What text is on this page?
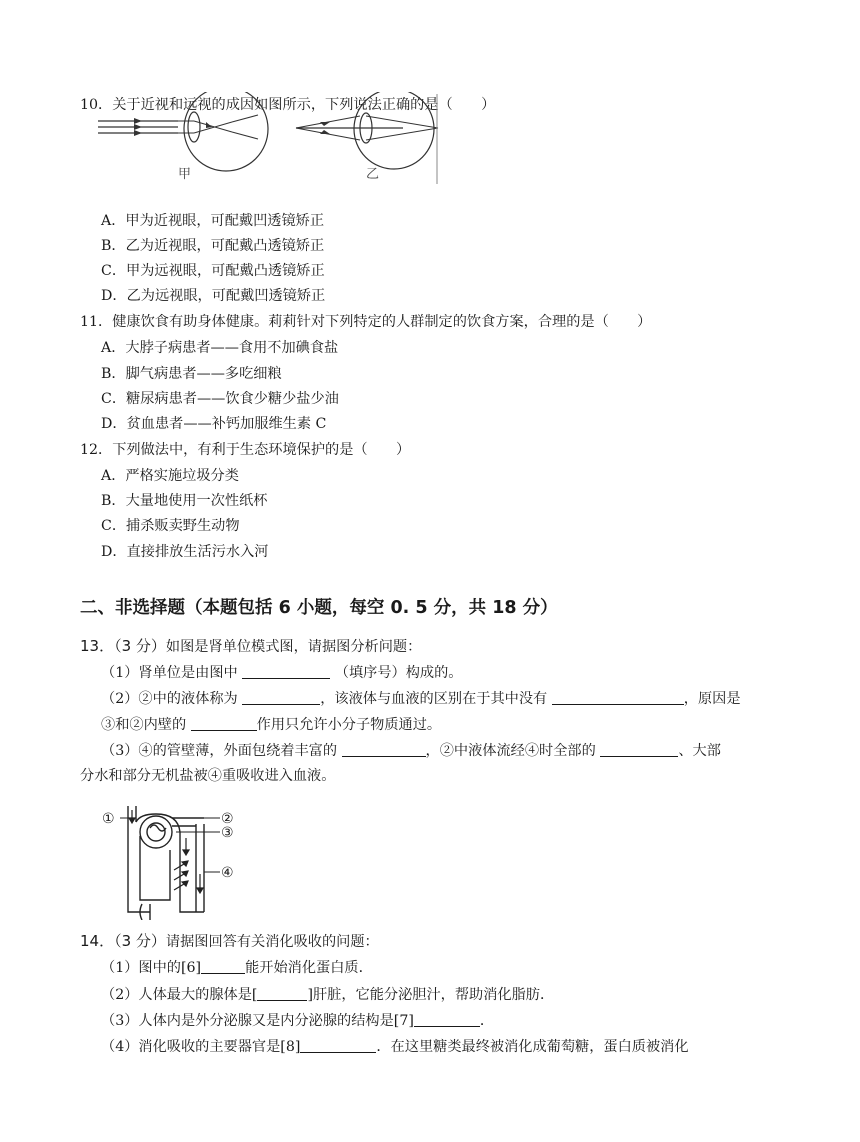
10．关于近视和远视的成因如图所示，下列说法正确的是（　　）
甲	乙
A．甲为近视眼，可配戴凹透镜矫正
B．乙为近视眼，可配戴凸透镜矫正
C．甲为远视眼，可配戴凸透镜矫正
D．乙为远视眼，可配戴凹透镜矫正
11．健康饮食有助身体健康。莉莉针对下列特定的人群制定的饮食方案，合理的是（　　）
A．大脖子病患者——食用不加碘食盐
B．脚气病患者——多吃细粮
C．糖尿病患者——饮食少糖少盐少油
D．贫血患者——补钙加服维生素 C
12．下列做法中，有利于生态环境保护的是（　　）
A．严格实施垃圾分类
B．大量地使用一次性纸杯
C．捕杀贩卖野生动物
D．直接排放生活污水入河
二、非选择题（本题包括 6 小题，每空 0. 5 分，共 18 分）
13．（3 分）如图是肾单位模式图，请据图分析问题：
（1）肾单位是由图中	（填序号）构成的。
（2）②中的液体称为	，该液体与血液的区别在于其中没有	，原因是
③和②内壁的	作用只允许小分子物质通过。
（3）④的管壁薄，外面包绕着丰富的	，②中液体流经④时全部的	、大部
分水和部分无机盐被④重吸收进入血液。
①	②
③
④
14．（3 分）请据图回答有关消化吸收的问题：
（1）图中的[6]	能开始消化蛋白质．
（2）人体最大的腺体是[	]肝脏，它能分泌胆汁，帮助消化脂肪．
（3）人体内是外分泌腺又是内分泌腺的结构是[7]	．
（4）消化吸收的主要器官是[8]	．在这里糖类最终被消化成葡萄糖，蛋白质被消化
